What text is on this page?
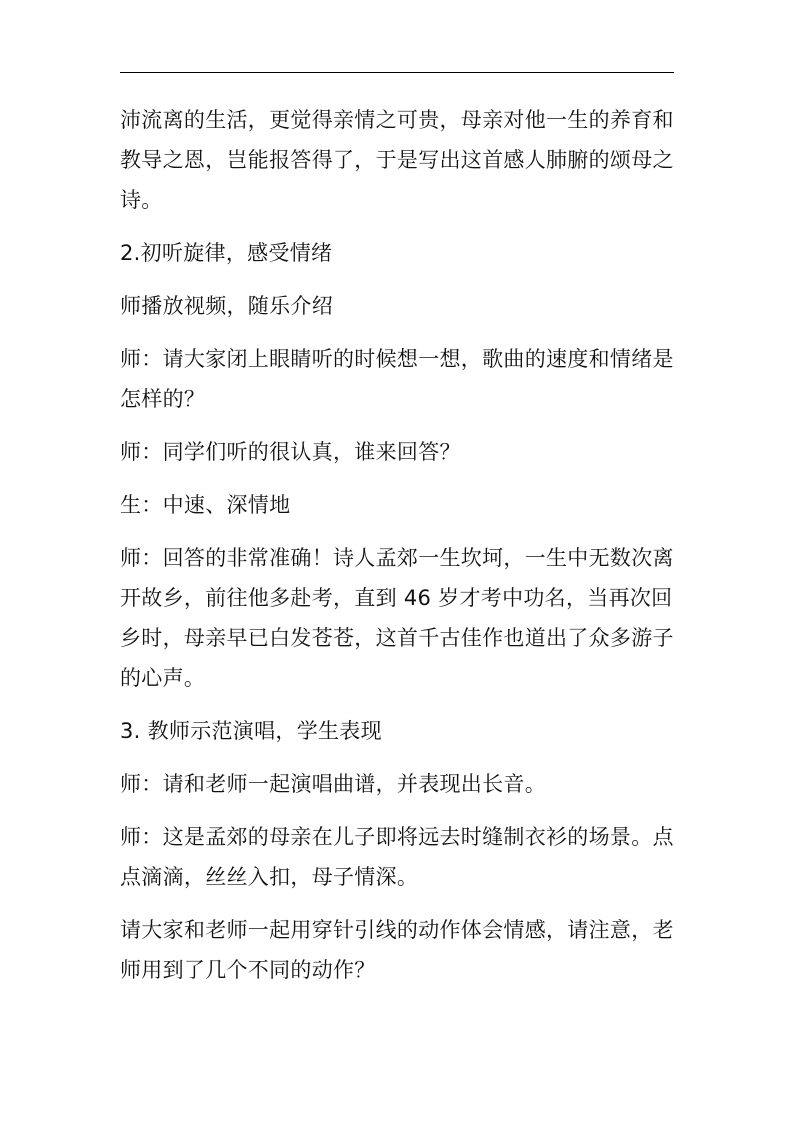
沛流离的生活，更觉得亲情之可贵，母亲对他一生的养育和教导之恩，岂能报答得了，于是写出这首感人肺腑的颂母之诗。

2.初听旋律，感受情绪

师播放视频，随乐介绍

师：请大家闭上眼睛听的时候想一想，歌曲的速度和情绪是怎样的？

师：同学们听的很认真，谁来回答？

生：中速、深情地

师：回答的非常准确！诗人孟郊一生坎坷，一生中无数次离开故乡，前往他多赴考，直到 46 岁才考中功名，当再次回乡时，母亲早已白发苍苍，这首千古佳作也道出了众多游子的心声。

3. 教师示范演唱，学生表现

师：请和老师一起演唱曲谱，并表现出长音。

师：这是孟郊的母亲在儿子即将远去时缝制衣衫的场景。点点滴滴，丝丝入扣，母子情深。

请大家和老师一起用穿针引线的动作体会情感，请注意，老师用到了几个不同的动作？
